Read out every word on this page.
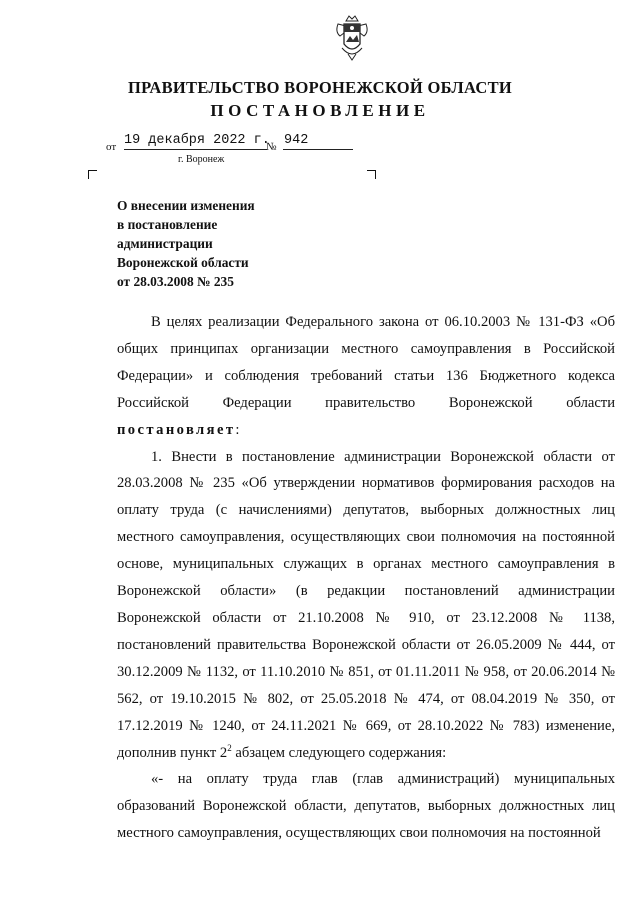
ПРАВИТЕЛЬСТВО ВОРОНЕЖСКОЙ ОБЛАСТИ
ПОСТАНОВЛЕНИЕ
от 19 декабря 2022 г.
№ 942
г. Воронеж
О внесении изменения
в постановление
администрации
Воронежской области
от 28.03.2008 № 235

В целях реализации Федерального закона от 06.10.2003 № 131-ФЗ «Об общих принципах организации местного самоуправления в Российской Федерации» и соблюдения требований статьи 136 Бюджетного кодекса Российской Федерации правительство Воронежской области

постановляет:

1. Внести в постановление администрации Воронежской области от 28.03.2008 № 235 «Об утверждении нормативов формирования расходов на оплату труда (с начислениями) депутатов, выборных должностных лиц местного самоуправления, осуществляющих свои полномочия на постоянной основе, муниципальных служащих в органах местного самоуправления в Воронежской области» (в редакции постановлений администрации Воронежской области от 21.10.2008 № 910, от 23.12.2008 № 1138, постановлений правительства Воронежской области от 26.05.2009 № 444, от 30.12.2009 № 1132, от 11.10.2010 № 851, от 01.11.2011 № 958, от 20.06.2014 № 562, от 19.10.2015 № 802, от 25.05.2018 № 474, от 08.04.2019 № 350, от 17.12.2019 № 1240, от 24.11.2021 № 669, от 28.10.2022 № 783) изменение, дополнив пункт $2^2$ абзацем следующего содержания:

«- на оплату труда глав (глав администраций) муниципальных образований Воронежской области, депутатов, выборных должностных лиц местного самоуправления, осуществляющих свои полномочия на постоянной
